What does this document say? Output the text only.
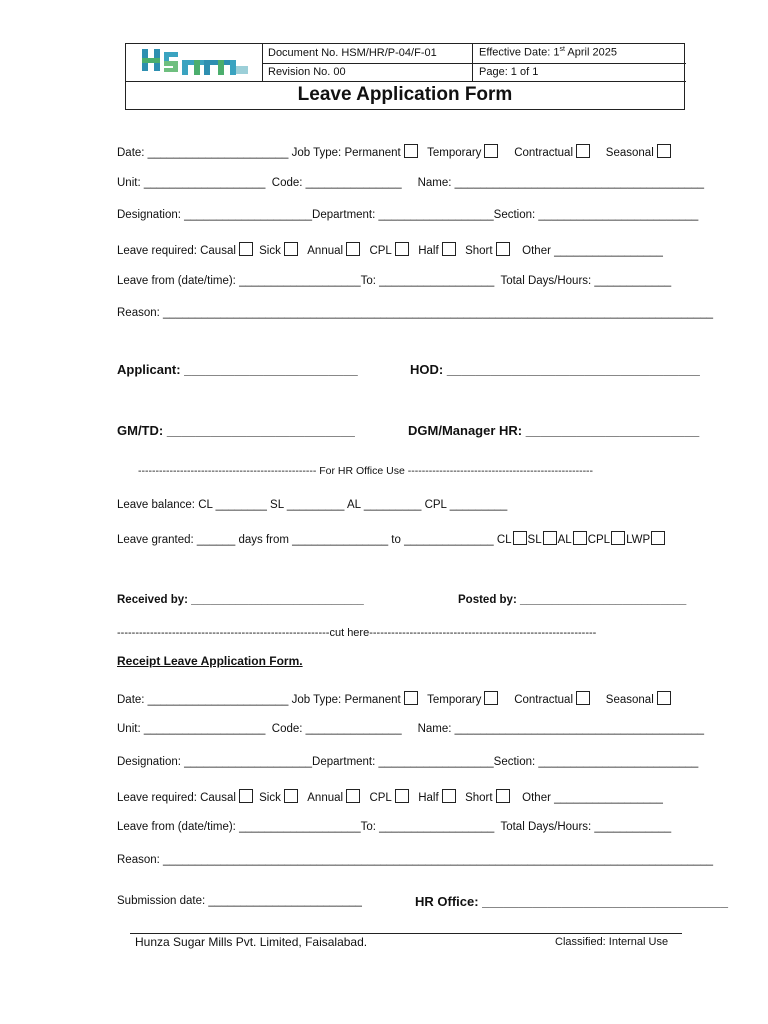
Document No. HSM/HR/P-04/F-01	Effective Date: 1st April 2025
Revision No. 00	Page: 1 of 1
Leave Application Form
Date: ______________________ Job Type: Permanent Temporary	Contractual	Seasonal
Unit: ___________________ Code: _______________ Name: _______________________________________
Designation: ____________________Department: __________________Section: _________________________
Leave required: Causal Sick Annual CPL Half Short	Other _________________
Leave from (date/time): ___________________To: __________________ Total Days/Hours: ____________
Reason: ______________________________________________________________________________________
Applicant: ________________________	HOD: ___________________________________
GM/TD: __________________________	DGM/Manager HR: ________________________
--------------------------------------------------- For HR Office Use -----------------------------------------------------
Leave balance: CL ________ SL _________ AL _________ CPL _________
Leave granted: ______ days from _______________ to ______________ CL SL AL CPL LWP
Received by: ___________________________	Posted by: __________________________
----------------------------------------------------------cut here--------------------------------------------------------------
Receipt Leave Application Form.
Date: ______________________ Job Type: Permanent Temporary	Contractual	Seasonal
Unit: ___________________ Code: _______________ Name: _______________________________________
Designation: ____________________Department: __________________Section: _________________________
Leave required: Causal Sick Annual CPL Half Short	Other _________________
Leave from (date/time): ___________________To: __________________ Total Days/Hours: ____________
Reason: ______________________________________________________________________________________
Submission date: ________________________	HR Office: __________________________________
Hunza Sugar Mills Pvt. Limited, Faisalabad.	Classified: Internal Use
